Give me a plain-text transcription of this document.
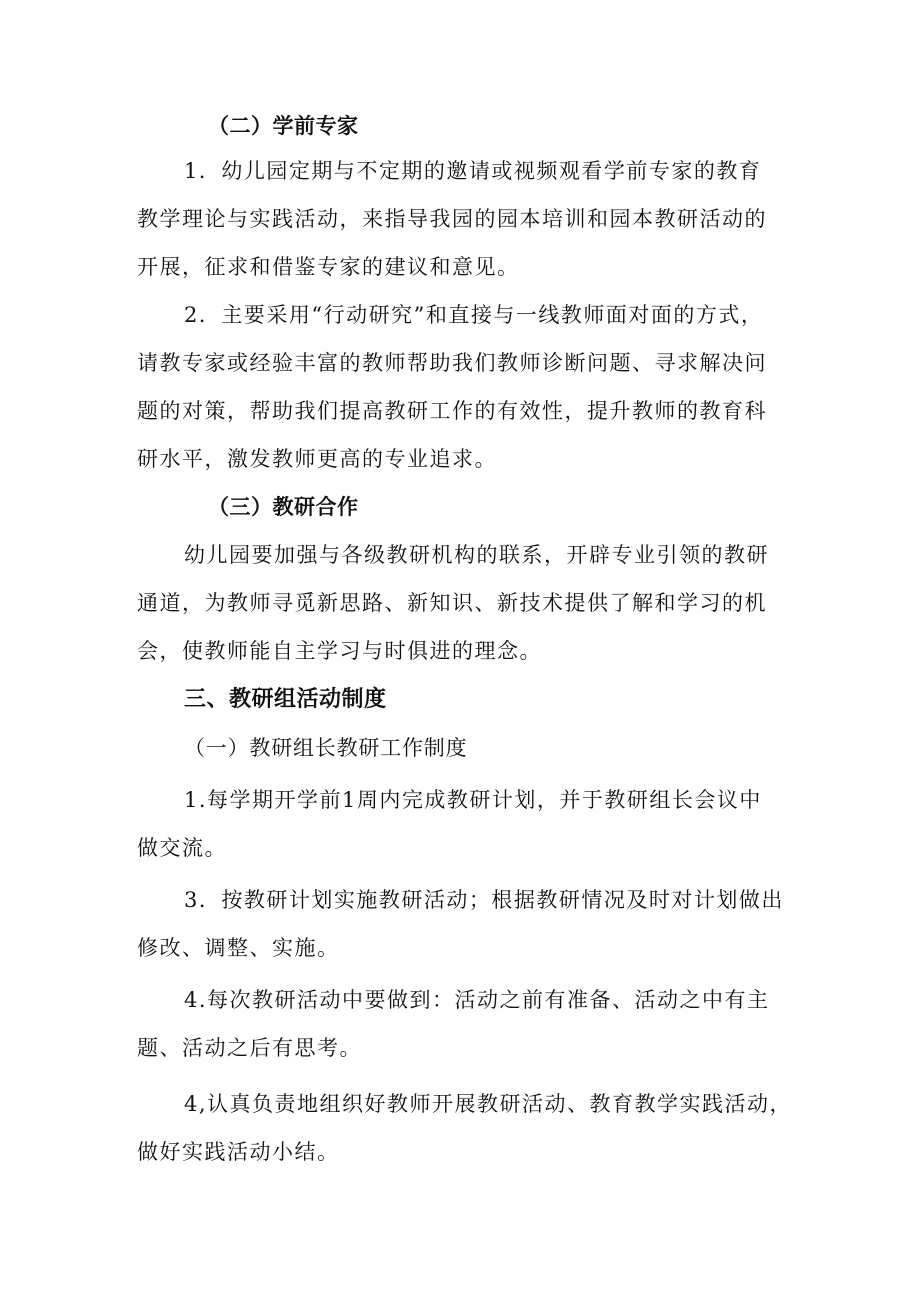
（二）学前专家
1．幼儿园定期与不定期的邀请或视频观看学前专家的教育
教学理论与实践活动，来指导我园的园本培训和园本教研活动的
开展，征求和借鉴专家的建议和意见。
2．主要采用“行动研究”和直接与一线教师面对面的方式，
请教专家或经验丰富的教师帮助我们教师诊断问题、寻求解决问
题的对策，帮助我们提高教研工作的有效性，提升教师的教育科
研水平，激发教师更高的专业追求。
（三）教研合作
幼儿园要加强与各级教研机构的联系，开辟专业引领的教研
通道，为教师寻觅新思路、新知识、新技术提供了解和学习的机
会，使教师能自主学习与时俱进的理念。
三、教研组活动制度
（一）教研组长教研工作制度
1.每学期开学前1周内完成教研计划，并于教研组长会议中
做交流。
3．按教研计划实施教研活动；根据教研情况及时对计划做出
修改、调整、实施。
4.每次教研活动中要做到：活动之前有准备、活动之中有主
题、活动之后有思考。
4,认真负责地组织好教师开展教研活动、教育教学实践活动，
做好实践活动小结。
